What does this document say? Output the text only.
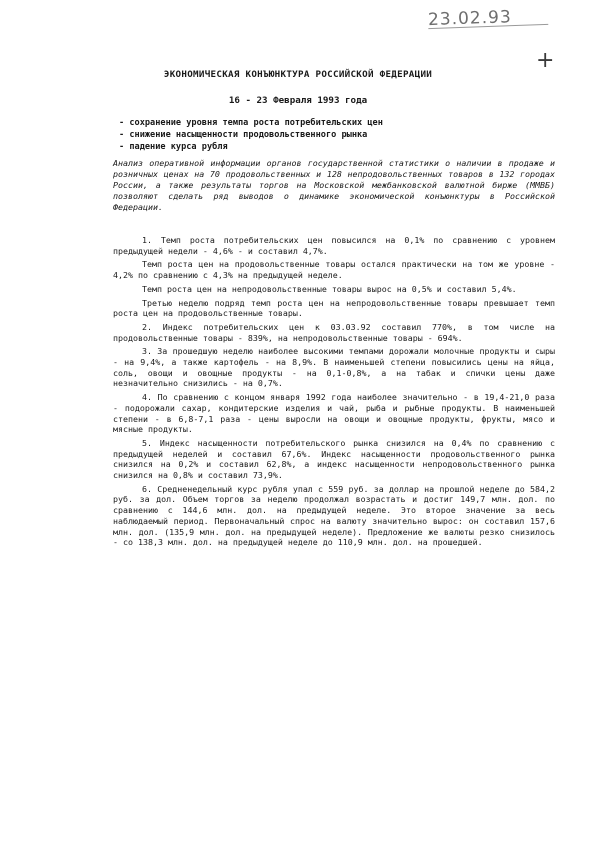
23.02.93
+
ЭКОНОМИЧЕСКАЯ КОНЪЮНКТУРА РОССИЙСКОЙ ФЕДЕРАЦИИ
16 - 23 Февраля 1993 года
- сохранение уровня темпа роста потребительских цен
- снижение насыщенности продовольственного рынка
- падение курса рубля
Анализ оперативной информации органов государственной статистики о наличии в продаже и розничных ценах на 70 продовольственных и 128 непродовольственных товаров в 132 городах России, а также результаты торгов на Московской межбанковской валютной бирже (ММВБ) позволяют сделать ряд выводов о динамике экономической конъюнктуры в Российской Федерации.

1. Темп роста потребительских цен повысился на 0,1% по сравнению с уровнем предыдущей недели - 4,6% - и составил 4,7%.

Темп роста цен на продовольственные товары остался практически на том же уровне - 4,2% по сравнению с 4,3% на предыдущей неделе.

Темп роста цен на непродовольственные товары вырос на 0,5% и составил 5,4%.

Третью неделю подряд темп роста цен на непродовольственные товары превышает темп роста цен на продовольственные товары.

2. Индекс потребительских цен к 03.03.92 составил 770%, в том числе на продовольственные товары - 839%, на непродовольственные товары - 694%.

3. За прошедшую неделю наиболее высокими темпами дорожали молочные продукты и сыры - на 9,4%, а также картофель - на 8,9%. В наименьшей степени повысились цены на яйца, соль, овощи и овощные продукты - на 0,1-0,8%, а на табак и спички цены даже незначительно снизились - на 0,7%.

4. По сравнению с концом января 1992 года наиболее значительно - в 19,4-21,0 раза - подорожали сахар, кондитерские изделия и чай, рыба и рыбные продукты. В наименьшей степени - в 6,8-7,1 раза - цены выросли на овощи и овощные продукты, фрукты, мясо и мясные продукты.

5. Индекс насыщенности потребительского рынка снизился на 0,4% по сравнению с предыдущей неделей и составил 67,6%. Индекс насыщенности продовольственного рынка снизился на 0,2% и составил 62,8%, а индекс насыщенности непродовольственного рынка снизился на 0,8% и составил 73,9%.

6. Средненедельный курс рубля упал с 559 руб. за доллар на прошлой неделе до 584,2 руб. за дол. Объем торгов за неделю продолжал возрастать и достиг 149,7 млн. дол. по сравнению с 144,6 млн. дол. на предыдущей неделе. Это второе значение за весь наблюдаемый период. Первоначальный спрос на валюту значительно вырос: он составил 157,6 млн. дол. (135,9 млн. дол. на предыдущей неделе). Предложение же валюты резко снизилось - со 138,3 млн. дол. на предыдущей неделе до 110,9 млн. дол. на прошедшей.
